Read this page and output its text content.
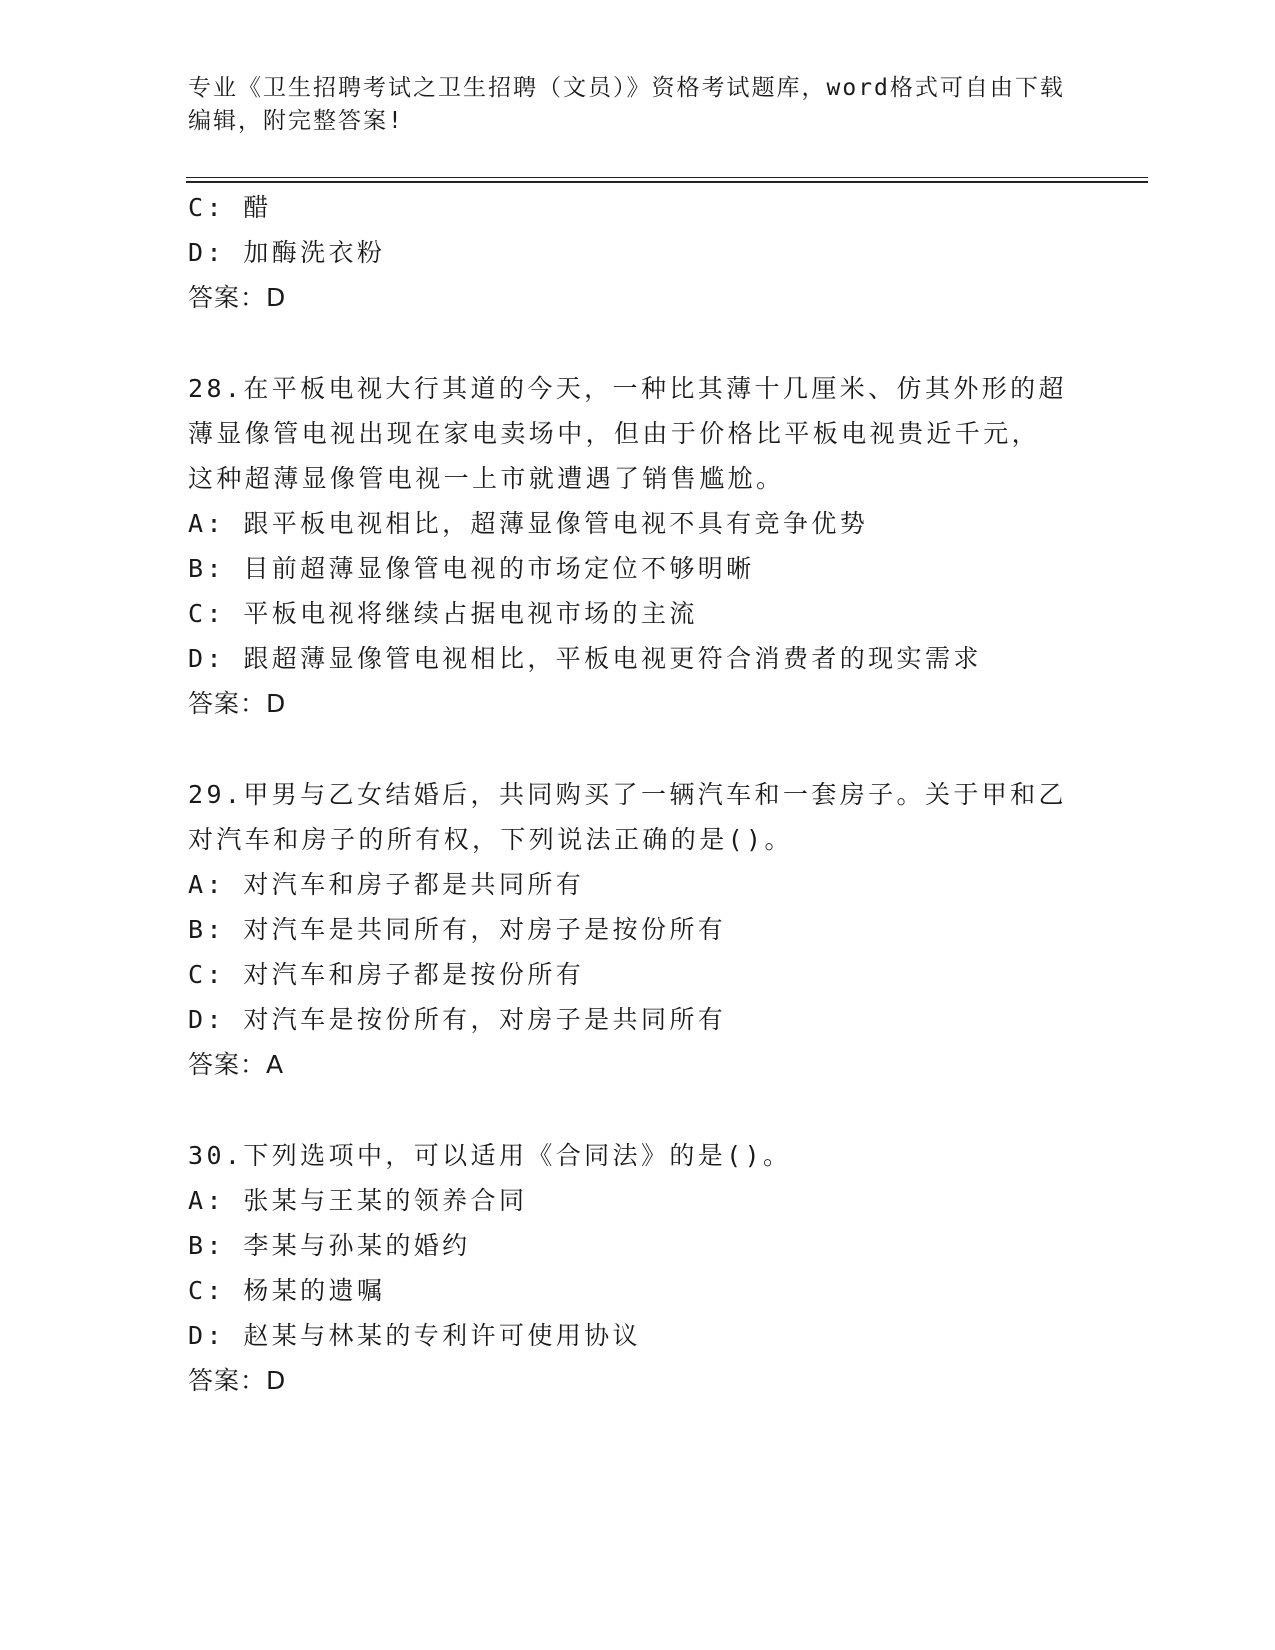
专业《卫生招聘考试之卫生招聘（文员）》资格考试题库，word格式可自由下载
编辑，附完整答案!
C: 醋
D: 加酶洗衣粉
答案：D
28.在平板电视大行其道的今天，一种比其薄十几厘米、仿其外形的超
薄显像管电视出现在家电卖场中，但由于价格比平板电视贵近千元，
这种超薄显像管电视一上市就遭遇了销售尴尬。
A: 跟平板电视相比，超薄显像管电视不具有竞争优势
B: 目前超薄显像管电视的市场定位不够明晰
C: 平板电视将继续占据电视市场的主流
D: 跟超薄显像管电视相比，平板电视更符合消费者的现实需求
答案：D
29.甲男与乙女结婚后，共同购买了一辆汽车和一套房子。关于甲和乙
对汽车和房子的所有权，下列说法正确的是()。
A: 对汽车和房子都是共同所有
B: 对汽车是共同所有，对房子是按份所有
C: 对汽车和房子都是按份所有
D: 对汽车是按份所有，对房子是共同所有
答案：A
30.下列选项中，可以适用《合同法》的是()。
A: 张某与王某的领养合同
B: 李某与孙某的婚约
C: 杨某的遗嘱
D: 赵某与林某的专利许可使用协议
答案：D
